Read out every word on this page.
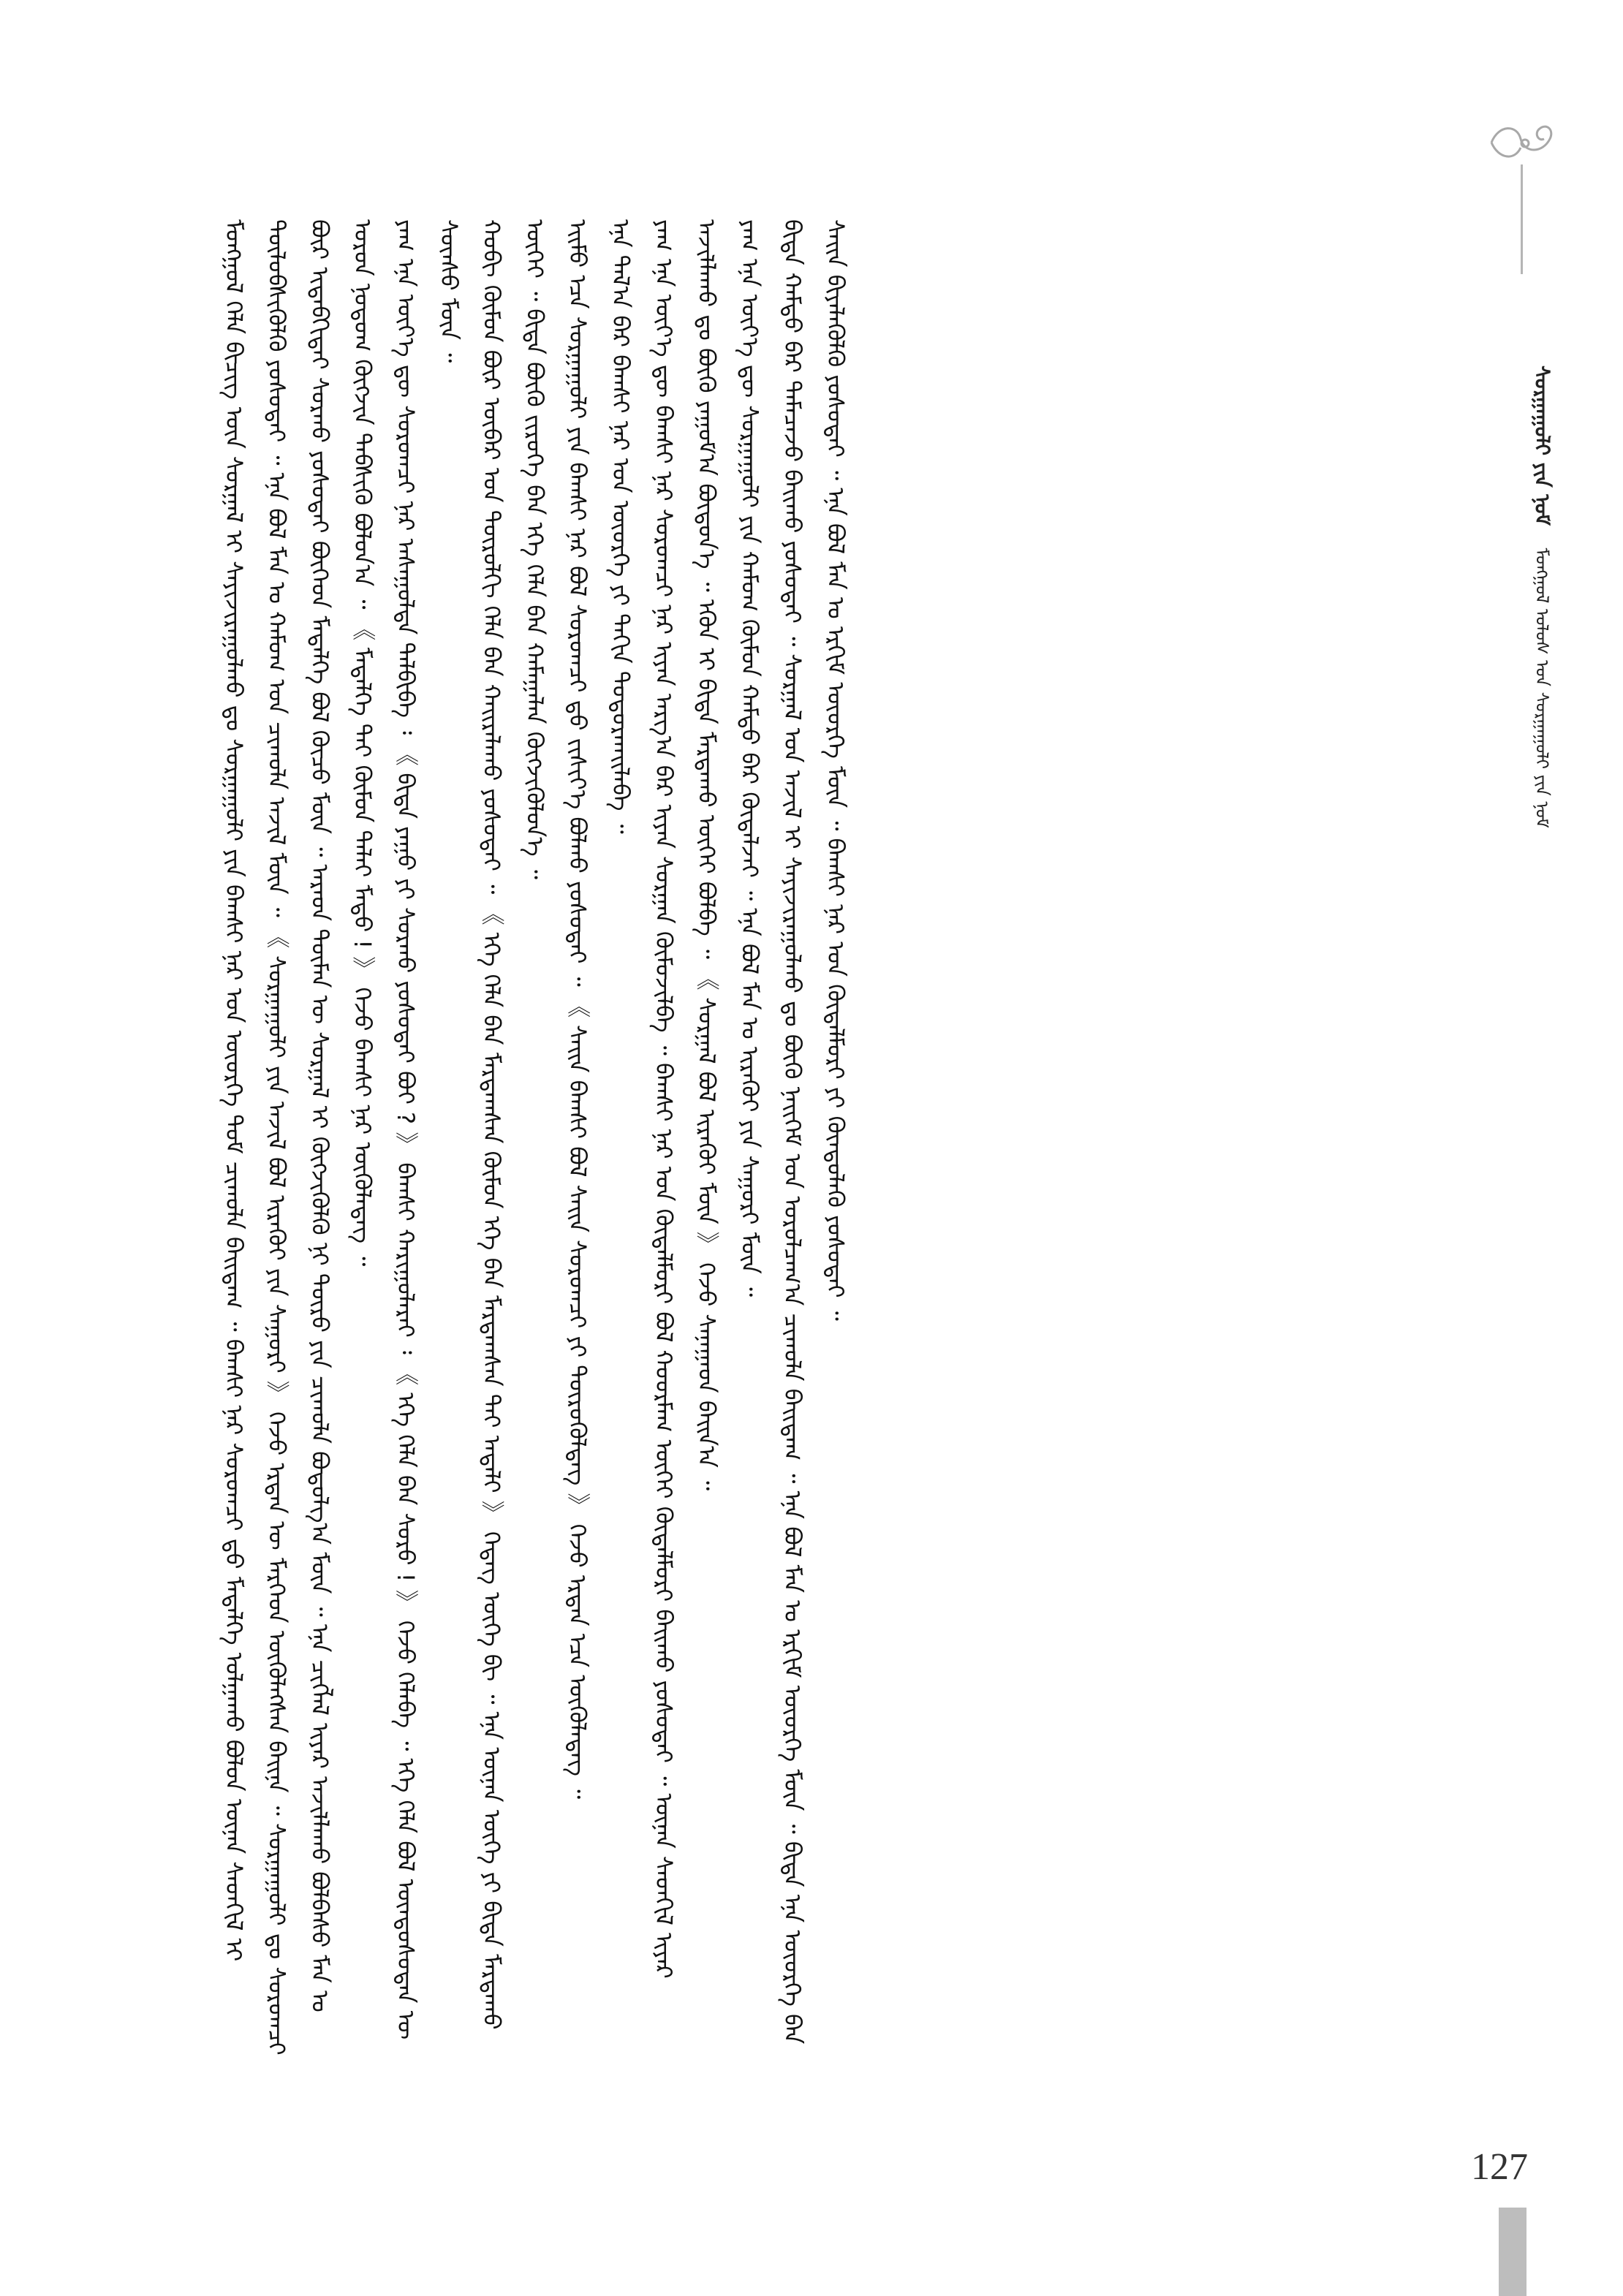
ᠰᠤᠷᠭᠠᠭᠤᠯᠢ ᠶᠢᠨ ᠨᠣᠮ    ᠮᠣᠩᠭᠣᠯ ᠤᠯᠤᠰ ᠤᠨ ᠰᠤᠷᠭᠠᠭᠤᠯᠢ ᠶᠢᠨ ᠨᠣᠮ

ᠮᠣᠩᠭᠣᠯ ᠬᠡᠯᠡ ᠪᠢᠴᠢᠭ ᠦᠨ ᠰᠤᠷᠭᠠᠯ ᠢ ᠰᠠᠶᠢᠵᠢᠷᠠᠭᠤᠯᠬᠤ ᠳᠤ ᠰᠤᠷᠭᠠᠭᠤᠯᠢ ᠶᠢᠨ ᠪᠠᠭᠰᠢ ᠨᠠᠷ ᠤᠨ ᠦᠦᠷᠭᠡ ᠲᠤᠮ ᠴᠢᠬᠤᠯᠠ ᠪᠠᠢᠳᠠᠭ ᠃ ᠪᠠᠭᠰᠢ ᠨᠠᠷ ᠰᠤᠷᠤᠭᠴᠢ ᠳ᠋ᠤ ᠮᠡᠳᠡᠯᠭᠡ ᠣᠯᠭᠠᠬᠤ ᠪᠣᠯᠣᠨ ᠦᠨᠡᠨ ᠰᠡᠳᠬᠢᠯ ᠢ ᠲᠥᠯᠥᠪᠰᠢᠭᠦᠯᠬᠦ ᠶᠤᠰᠤᠲᠠᠢ ᠃ ᠡᠨᠡ ᠪᠣᠯ ᠮᠠᠨ ᠤ ᠬᠠᠮᠤᠭ ᠤᠨ ᠴᠢᠬᠤᠯᠠ ᠠᠵᠢᠯ ᠮᠥᠨ ᠃ 《 ᠰᠤᠷᠭᠠᠭᠤᠯᠢ ᠶᠢᠨ ᠠᠵᠢᠯ ᠪᠣᠯ ᠢᠷᠡᠭᠦᠢ ᠶᠢᠨ ᠰᠠᠭᠤᠷᠢ 》 ᠭᠡᠵᠦ ᠡᠷᠲᠡᠨ ᠦ ᠮᠡᠷᠭᠡᠳ ᠦᠭᠦᠯᠡᠭᠰᠡᠨ ᠪᠠᠢᠨᠠ ᠃ ᠰᠤᠷᠭᠠᠭᠤᠯᠢ ᠳᠤ ᠰᠤᠷᠤᠭᠴᠢ ᠪᠦᠷ ᠢᠳᠡᠪᠬᠢᠲᠡᠢ ᠰᠤᠷᠬᠤ ᠶᠤᠰᠤᠲᠠᠢ ᠪᠥᠭᠡᠳ ᠮᠡᠳᠡᠯᠭᠡ ᠪᠣᠯ ᠬᠦᠴᠦ ᠮᠥᠨ ᠃ ᠠᠷᠠᠳ ᠲᠦᠮᠡᠨ ᠦ ᠰᠤᠷᠭᠠᠯ ᠢ ᠬᠥᠭᠵᠢᠭᠦᠯᠬᠦ ᠨᠢ ᠲᠦᠷᠦ ᠶᠢᠨ ᠴᠢᠬᠤᠯᠠ ᠪᠣᠳᠤᠯᠭ᠎ᠠ ᠮᠥᠨ ᠃ ᠡᠨᠡ ᠴᠢᠭᠯᠡᠯ ᠢᠶᠡᠷ ᠠᠵᠢᠯᠯᠠᠬᠤ ᠪᠣᠯᠪᠠᠰᠤ ᠮᠠᠨ ᠤ ᠣᠷᠣᠨ ᠨᠤᠲᠤᠭ ᠬᠥᠭᠵᠢᠨ ᠳᠡᠪᠰᠢᠬᠦ ᠪᠣᠯᠤᠨ᠎ᠠ ᠃ 《 ᠮᠡᠳᠡᠯᠭᠡ ᠲᠡᠢ ᠬᠦᠮᠦᠨ ᠳᠠᠯᠠᠢ ᠮᠡᠲᠦ ! 》 ᠭᠡᠵᠦ ᠪᠠᠭᠰᠢ ᠨᠠᠷ ᠦᠭᠦᠯᠡᠳᠡᠭ ᠃ ᠶᠠᠭ ᠡᠨᠡ ᠦᠶ᠎ᠡ ᠳᠦ ᠰᠤᠷᠤᠭᠴᠢ ᠨᠠᠷ ᠠᠰᠠᠭᠤᠯᠲᠠ ᠲᠠᠯᠪᠢᠪᠠ ᠄ 《 ᠪᠢᠳᠡ ᠶᠠᠭᠤ ᠶᠢ ᠰᠤᠷᠬᠤ ᠶᠤᠰᠤᠲᠠᠢ ᠪᠤᠢ ? 》 ᠪᠠᠭᠰᠢ ᠬᠠᠷᠢᠭᠤᠯᠠᠷᠠᠢ ᠄ 《 ᠡᠬᠡ ᠬᠡᠯᠡ ᠪᠡᠨ ᠰᠤᠷᠤ ! 》 ᠭᠡᠵᠦ ᠬᠡᠯᠡᠪᠡ ᠃ ᠡᠬᠡ ᠬᠡᠯᠡ ᠪᠣᠯ ᠦᠨᠳᠦᠰᠦᠲᠡᠨ ᠦ ᠰᠦᠨᠰᠦ ᠮᠥᠨ ᠃ ᠬᠤᠪᠢ ᠬᠦᠮᠦᠨ ᠪᠦᠷ ᠥᠪᠡᠷ ᠤᠨ ᠲᠥᠷᠥᠯᠬᠢ ᠬᠡᠯᠡ ᠪᠠᠨ ᠬᠠᠢᠷᠠᠯᠠᠬᠤ ᠶᠤᠰᠤᠲᠠᠢ ᠃ 《 ᠡᠬᠡ ᠬᠡᠯᠡ ᠪᠡᠨ ᠮᠠᠷᠲᠠᠭᠰᠠᠨ ᠬᠦᠮᠦᠨ ᠡᠬᠡ ᠪᠡᠨ ᠮᠠᠷᠲᠠᠭᠰᠠᠨ ᠲᠠᠢ ᠠᠳᠠᠯᠢ 》 ᠭᠡᠳᠡᠭ ᠦᠭᠡ ᠪᠢ ᠃ ᠡᠨᠡ ᠦᠨᠡᠨ ᠦᠭᠡ ᠶᠢ ᠪᠢᠳᠡ ᠮᠠᠷᠲᠠᠬᠤ ᠦᠭᠡᠢ ᠃ ᠪᠢᠳᠡ ᠪᠦᠬᠦ ᠵᠢᠷᠦᠬᠡ ᠪᠡᠨ ᠡᠬᠡ ᠬᠡᠯᠡ ᠪᠡᠨ ᠬᠠᠮᠠᠭᠠᠯᠠᠨ ᠬᠥᠭᠵᠢᠭᠦᠯᠦᠨ᠎ᠡ ᠃ ᠡᠢᠮᠦ ᠡᠴᠡ ᠰᠤᠷᠭᠠᠭᠤᠯᠢ ᠶᠢᠨ ᠪᠠᠭᠰᠢ ᠨᠠᠷ ᠪᠣᠯ ᠰᠤᠷᠤᠭᠴᠢ ᠳ᠋ᠤ ᠵᠢᠱᠢᠶ᠎ᠡ ᠪᠣᠯᠬᠤ ᠶᠤᠰᠤᠲᠠᠢ ᠃ 《 ᠰᠠᠢᠨ ᠪᠠᠭᠰᠢ ᠪᠣᠯ ᠰᠠᠢᠨ ᠰᠤᠷᠤᠭᠴᠢ ᠶᠢ ᠲᠥᠷᠥᠭᠦᠯᠳᠡᠭ 》 ᠭᠡᠵᠦ ᠡᠷᠲᠡᠨ ᠡᠴᠡ ᠦᠭᠦᠯᠡᠳᠡᠭ ᠃ ᠡᠨᠡ ᠲᠠᠯ᠎ᠠ ᠪᠠᠷ ᠪᠠᠭᠰᠢ ᠨᠠᠷ ᠤᠨ ᠦᠦᠷᠭᠡ ᠶᠢ ᠳᠠᠬᠢᠨ ᠲᠣᠳᠤᠷᠬᠠᠢᠯᠠᠪᠠ ᠃ ᠶᠠᠭ ᠡᠨᠡ ᠦᠶ᠎ᠡ ᠳᠦ ᠪᠠᠭᠰᠢ ᠨᠠᠷ ᠰᠤᠷᠤᠭᠴᠢ ᠨᠠᠷ ᠢᠶᠠᠨ ᠠᠷᠭ᠎ᠠ ᠪᠠᠷ ᠢᠶᠠᠨ ᠰᠤᠷᠭᠠᠨ ᠬᠥᠮᠦᠵᠢᠯᠪᠡ ᠃ ᠪᠠᠭᠰᠢ ᠨᠠᠷ ᠤᠨ ᠬᠥᠳᠡᠯᠮᠦᠷᠢ ᠪᠣᠯ ᠬᠤᠤᠷᠮᠠᠭ ᠦᠭᠡᠢ ᠬᠥᠳᠡᠯᠮᠦᠷᠢ ᠪᠠᠢᠬᠤ ᠶᠤᠰᠤᠲᠠᠢ ᠃ ᠦᠨᠡᠨ ᠰᠡᠳᠬᠢᠯ ᠢᠶᠡᠷ ᠠᠵᠢᠯᠯᠠᠬᠤ ᠳᠤ ᠪᠦᠬᠦ ᠶᠠᠭᠤᠮ᠎ᠠ ᠪᠦᠲᠦᠨ᠎ᠡ ᠃ ᠡᠭᠦᠨ ᠢ ᠪᠢᠳᠡ ᠮᠠᠷᠲᠠᠬᠤ ᠦᠭᠡᠢ ᠪᠣᠯᠪᠠ ᠃ 《 ᠰᠤᠷᠭᠠᠯ ᠪᠣᠯ ᠢᠷᠡᠭᠦᠢ ᠮᠥᠨ 》 ᠭᠡᠵᠦ ᠰᠠᠨᠠᠭᠠᠳ ᠪᠠᠢᠨ᠎ᠠ ᠃ ᠶᠠᠭ ᠡᠨᠡ ᠦᠶ᠎ᠡ ᠳᠦ ᠰᠤᠷᠭᠠᠭᠤᠯᠢ ᠶᠢᠨ ᠬᠠᠮᠤᠭ ᠬᠦᠮᠦᠨ ᠬᠠᠮᠲᠤ ᠪᠡᠷ ᠬᠥᠳᠡᠯᠵᠡᠢ ᠃ ᠡᠨᠡ ᠪᠣᠯ ᠮᠠᠨ ᠤ ᠢᠷᠡᠭᠦᠢ ᠶᠢᠨ ᠰᠠᠭᠤᠷᠢ ᠮᠥᠨ ᠃ ᠪᠢᠳᠡ ᠬᠠᠮᠲᠤ ᠪᠡᠷ ᠲᠡᠮᠡᠴᠡᠵᠦ ᠪᠠᠢᠬᠤ ᠶᠤᠰᠤᠲᠠᠢ ᠃ ᠰᠤᠷᠭᠠᠯ ᠤᠨ ᠠᠵᠢᠯ ᠢ ᠰᠠᠶᠢᠵᠢᠷᠠᠭᠤᠯᠬᠤ ᠳᠤ ᠪᠦᠬᠦ ᠨᠡᠢᠭᠡᠮ ᠤᠨ ᠣᠷᠤᠯᠴᠠᠭ᠎ᠠ ᠴᠢᠬᠤᠯᠠ ᠪᠠᠢᠳᠠᠭ ᠃ ᠡᠨᠡ ᠪᠣᠯ ᠮᠠᠨ ᠤ ᠡᠷᠬᠢᠮ ᠦᠦᠷᠭᠡ ᠮᠥᠨ ᠃ ᠪᠢᠳᠡ ᠡᠨᠡ ᠦᠦᠷᠭᠡ ᠪᠡᠨ ᠰᠠᠢᠨ ᠪᠢᠶᠡᠯᠡᠭᠦᠯᠬᠦ ᠶᠤᠰᠤᠲᠠᠢ ᠃ ᠡᠨᠡ ᠪᠣᠯ ᠮᠠᠨ ᠤ ᠡᠷᠬᠢᠮ ᠦᠦᠷᠭᠡ ᠮᠥᠨ ᠃ ᠪᠠᠭᠰᠢ ᠨᠠᠷ ᠤᠨ ᠬᠥᠳᠡᠯᠮᠦᠷᠢ ᠶᠢ ᠬᠦᠨᠳᠦᠯᠡᠬᠦ ᠶᠤᠰᠤᠲᠠᠢ ᠃

127
